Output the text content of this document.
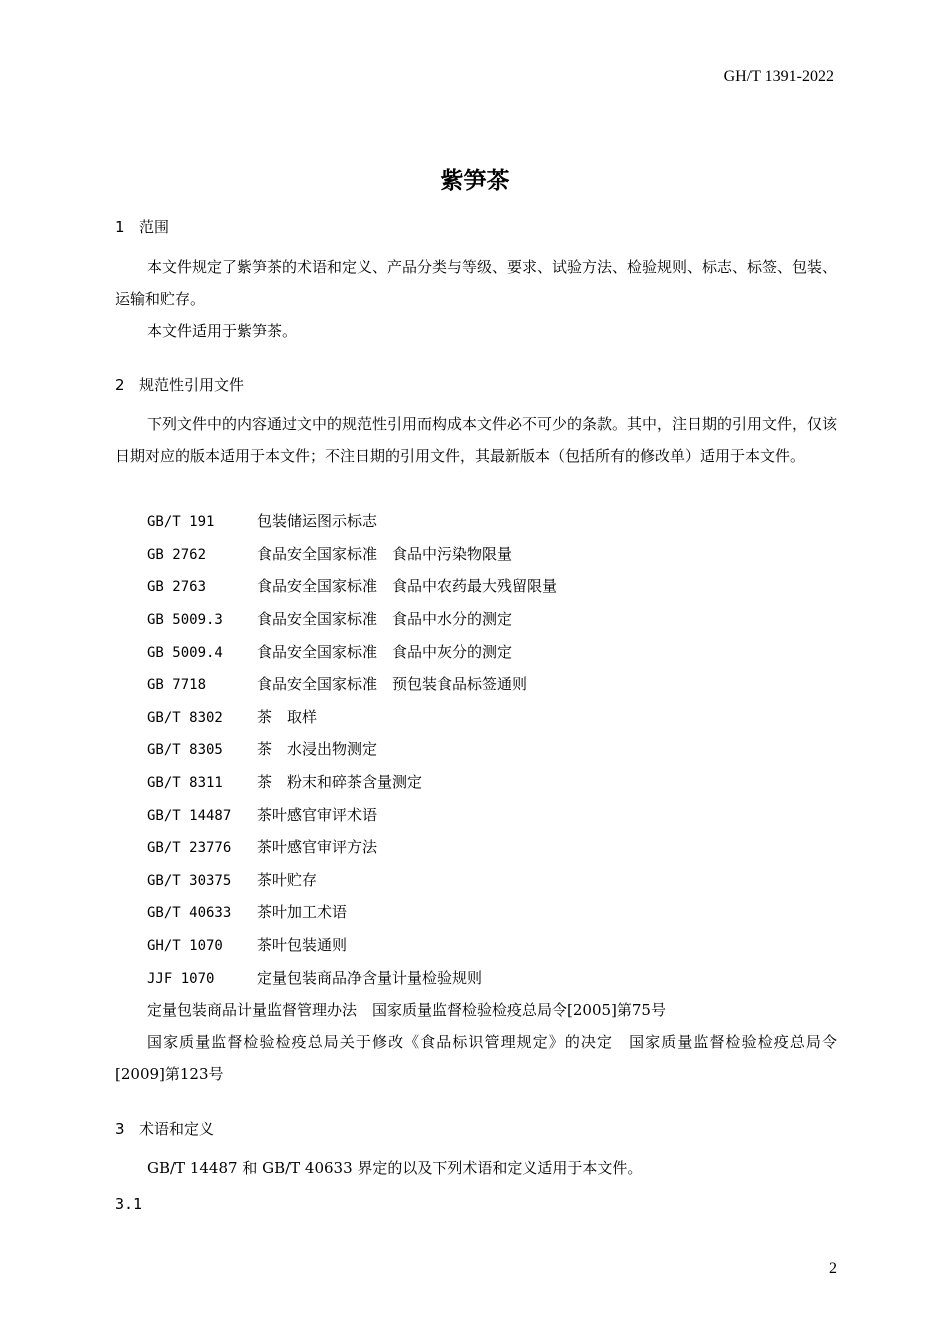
GH/T 1391-2022
紫笋茶
1 范围
本文件规定了紫笋茶的术语和定义、产品分类与等级、要求、试验方法、检验规则、标志、标签、包装、运输和贮存。
本文件适用于紫笋茶。
2 规范性引用文件
下列文件中的内容通过文中的规范性引用而构成本文件必不可少的条款。其中，注日期的引用文件，仅该日期对应的版本适用于本文件；不注日期的引用文件，其最新版本（包括所有的修改单）适用于本文件。
GB/T 191	包装储运图示标志
GB 2762	食品安全国家标准　食品中污染物限量
GB 2763	食品安全国家标准　食品中农药最大残留限量
GB 5009.3 食品安全国家标准　食品中水分的测定
GB 5009.4 食品安全国家标准　食品中灰分的测定
GB 7718	食品安全国家标准　预包装食品标签通则
GB/T 8302 茶　取样
GB/T 8305 茶　水浸出物测定
GB/T 8311 茶　粉末和碎茶含量测定
GB/T 14487 茶叶感官审评术语
GB/T 23776 茶叶感官审评方法
GB/T 30375 茶叶贮存
GB/T 40633 茶叶加工术语
GH/T 1070 茶叶包装通则
JJF 1070	定量包装商品净含量计量检验规则
定量包装商品计量监督管理办法　国家质量监督检验检疫总局令[2005]第75号
国家质量监督检验检疫总局关于修改《食品标识管理规定》的决定　国家质量监督检验检疫总局令[2009]第123号
3 术语和定义
GB/T 14487 和 GB/T 40633 界定的以及下列术语和定义适用于本文件。
3.1
2
